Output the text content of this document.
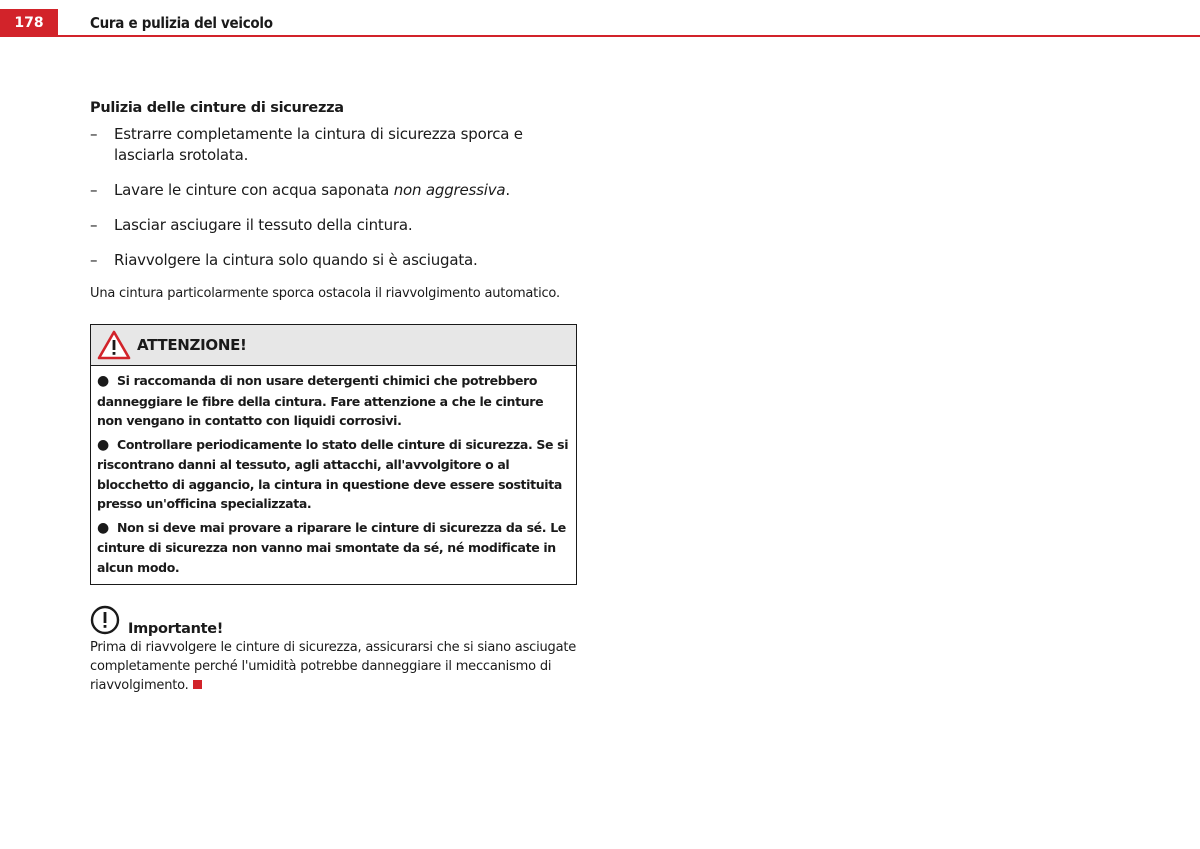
178	Cura e pulizia del veicolo
Pulizia delle cinture di sicurezza
–	Estrarre completamente la cintura di sicurezza sporca e lasciarla srotolata.
–	Lavare le cinture con acqua saponata non aggressiva.
–	Lasciar asciugare il tessuto della cintura.
–	Riavvolgere la cintura solo quando si è asciugata.

Una cintura particolarmente sporca ostacola il riavvolgimento automatico.

ATTENZIONE!

● Si raccomanda di non usare detergenti chimici che potrebbero danneggiare le fibre della cintura. Fare attenzione a che le cinture non vengano in contatto con liquidi corrosivi.

● Controllare periodicamente lo stato delle cinture di sicurezza. Se si riscontrano danni al tessuto, agli attacchi, all'avvolgitore o al blocchetto di aggancio, la cintura in questione deve essere sostituita presso un'officina specializzata.

● Non si deve mai provare a riparare le cinture di sicurezza da sé. Le cinture di sicurezza non vanno mai smontate da sé, né modificate in alcun modo.

Importante!

Prima di riavvolgere le cinture di sicurezza, assicurarsi che si siano asciugate completamente perché l'umidità potrebbe danneggiare il meccanismo di riavvolgimento.
